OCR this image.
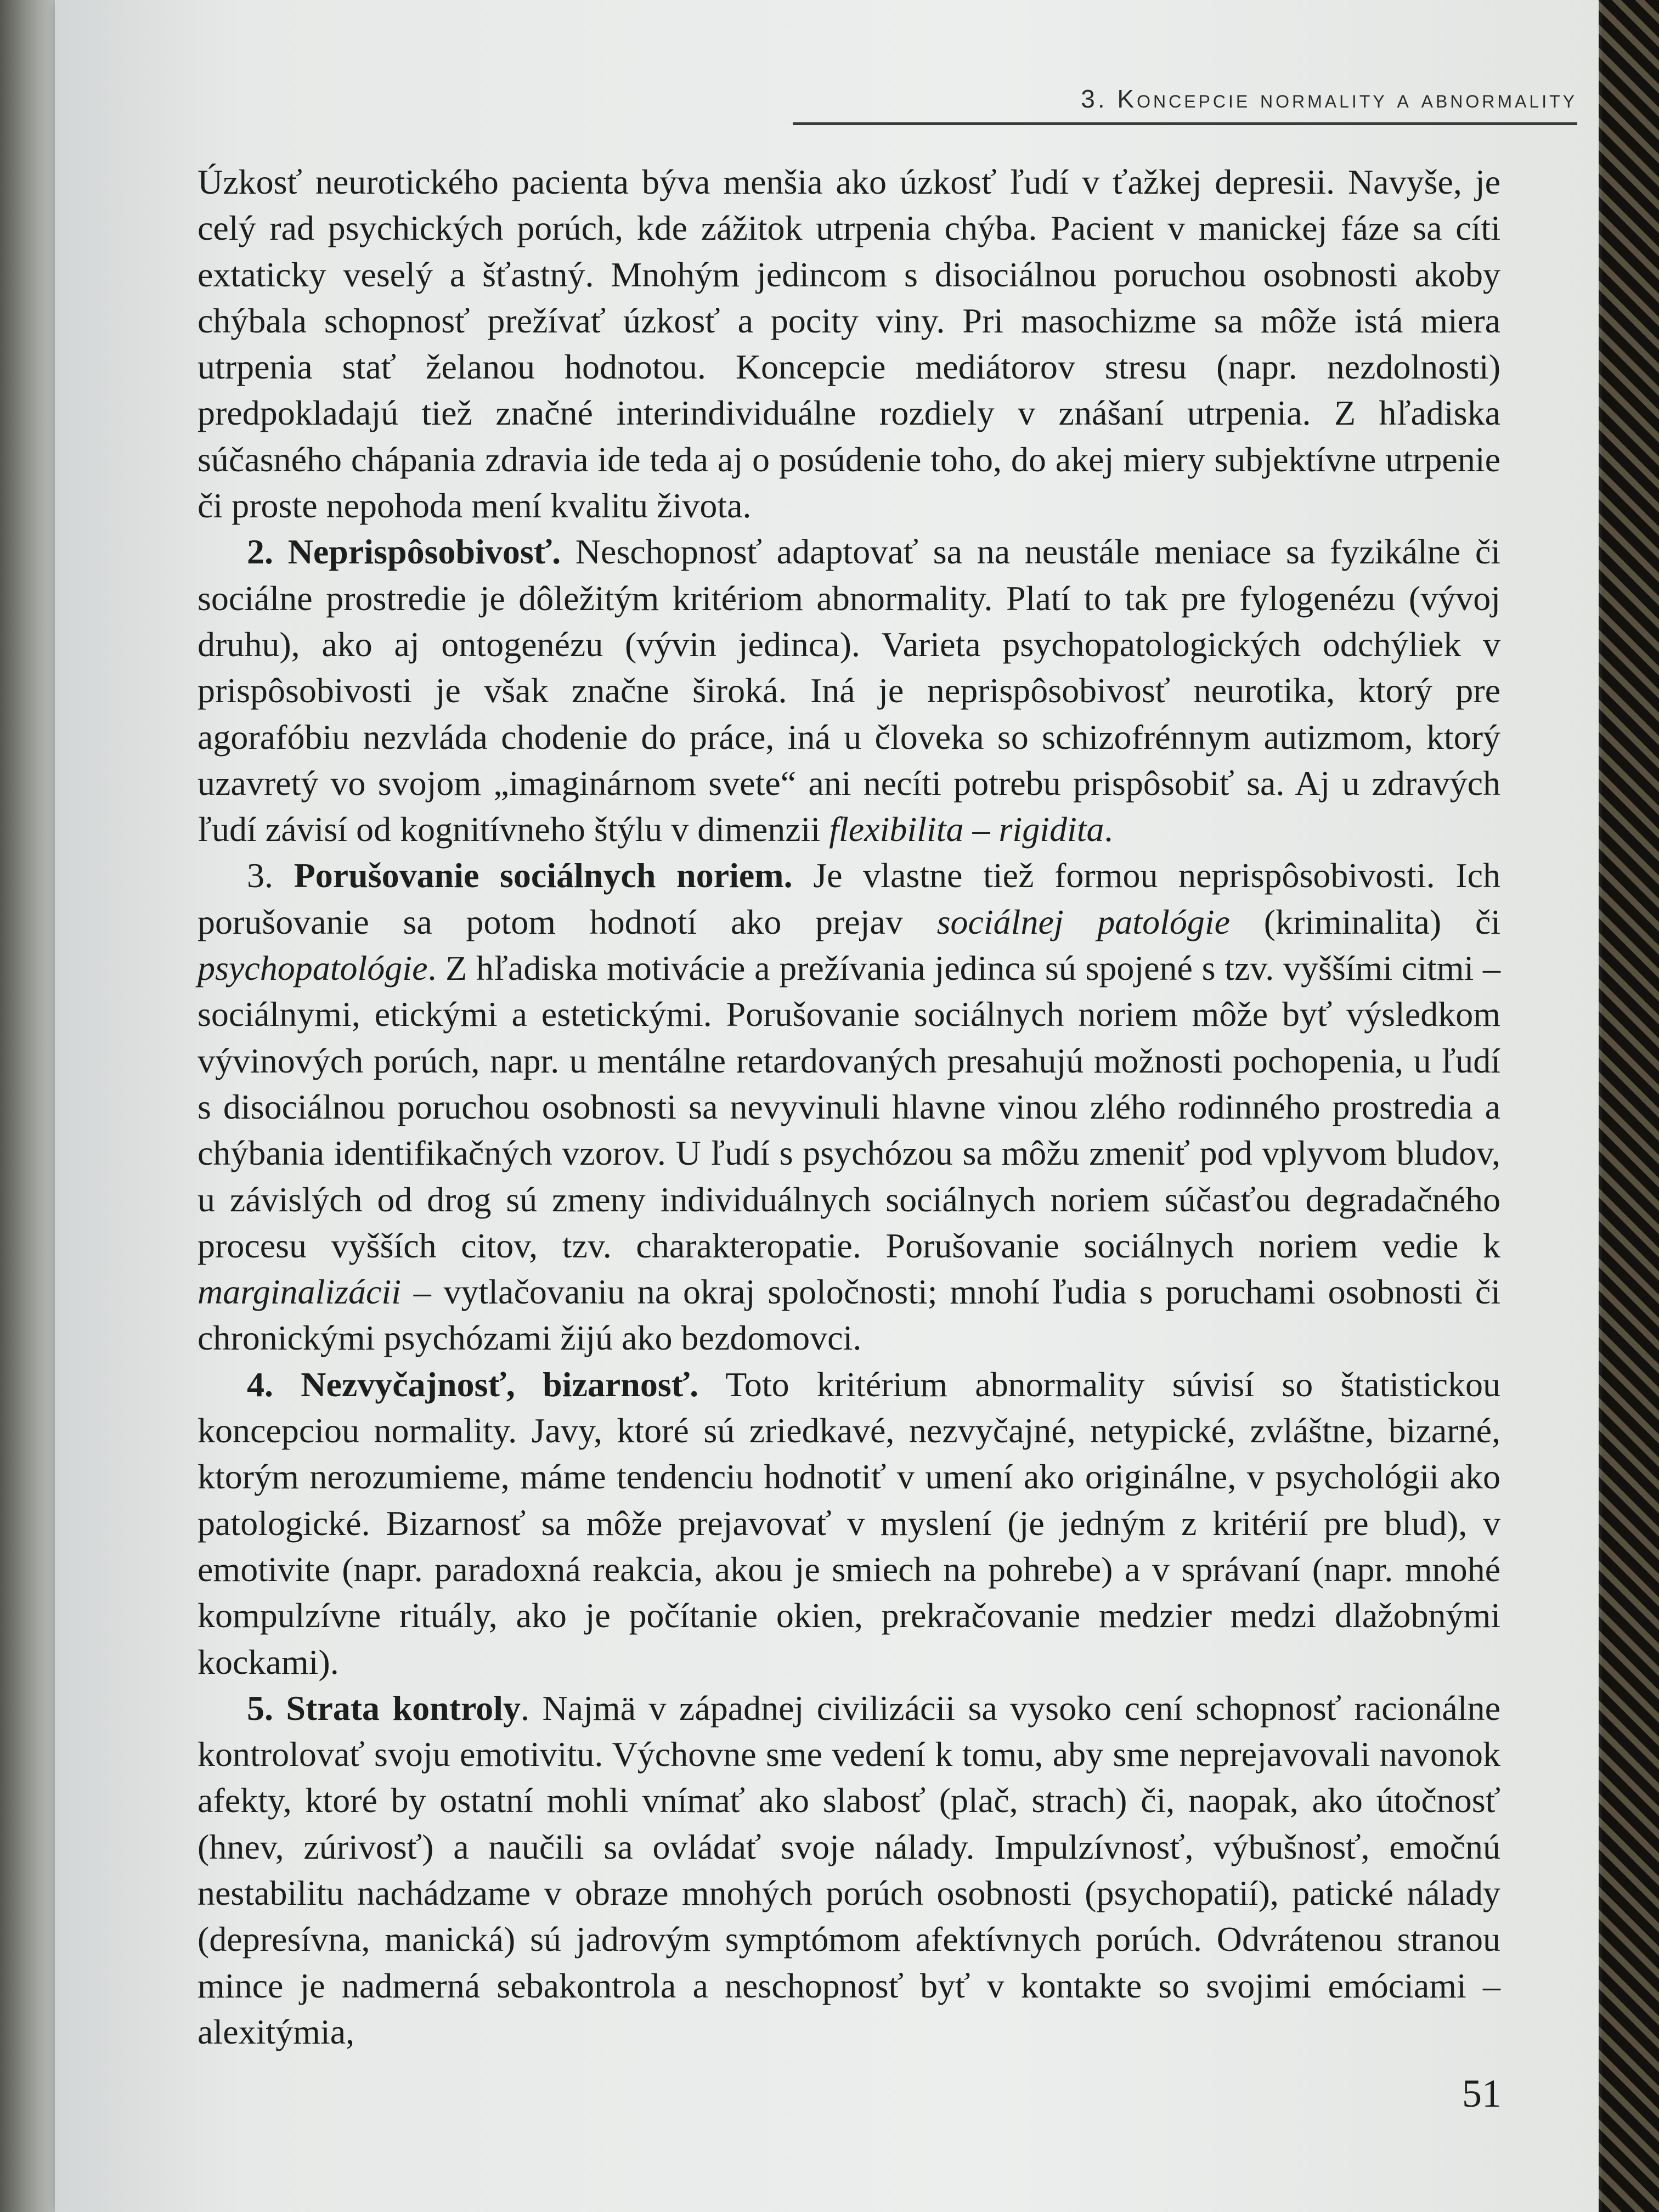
3. Koncepcie normality a abnormality

Úzkosť neurotického pacienta býva menšia ako úzkosť ľudí v ťažkej depresii. Navyše, je celý rad psychických porúch, kde zážitok utrpenia chýba. Pacient v manickej fáze sa cíti extaticky veselý a šťastný. Mnohým jedincom s disociálnou poruchou osobnosti akoby chýbala schopnosť prežívať úzkosť a pocity viny. Pri masochizme sa môže istá miera utrpenia stať želanou hodnotou. Koncepcie mediátorov stresu (napr. nezdolnosti) predpokladajú tiež značné interindividuálne rozdiely v znášaní utrpenia. Z hľadiska súčasného chápania zdravia ide teda aj o posúdenie toho, do akej miery subjektívne utrpenie či proste nepohoda mení kvalitu života.

2. Neprispôsobivosť. Neschopnosť adaptovať sa na neustále meniace sa fyzikálne či sociálne prostredie je dôležitým kritériom abnormality. Platí to tak pre fylogenézu (vývoj druhu), ako aj ontogenézu (vývin jedinca). Varieta psychopatologických odchýliek v prispôsobivosti je však značne široká. Iná je neprispôsobivosť neurotika, ktorý pre agorafóbiu nezvláda chodenie do práce, iná u človeka so schizofrénnym autizmom, ktorý uzavretý vo svojom „imaginárnom svete“ ani necíti potrebu prispôsobiť sa. Aj u zdravých ľudí závisí od kognitívneho štýlu v dimenzii flexibilita – rigidita.

3. Porušovanie sociálnych noriem. Je vlastne tiež formou neprispôsobivosti. Ich porušovanie sa potom hodnotí ako prejav sociálnej patológie (kriminalita) či psychopatológie. Z hľadiska motivácie a prežívania jedinca sú spojené s tzv. vyššími citmi – sociálnymi, etickými a estetickými. Porušovanie sociálnych noriem môže byť výsledkom vývinových porúch, napr. u mentálne retardovaných presahujú možnosti pochopenia, u ľudí s disociálnou poruchou osobnosti sa nevyvinuli hlavne vinou zlého rodinného prostredia a chýbania identifikačných vzorov. U ľudí s psychózou sa môžu zmeniť pod vplyvom bludov, u závislých od drog sú zmeny individuálnych sociálnych noriem súčasťou degradačného procesu vyšších citov, tzv. charakteropatie. Porušovanie sociálnych noriem vedie k marginalizácii – vytlačovaniu na okraj spoločnosti; mnohí ľudia s poruchami osobnosti či chronickými psychózami žijú ako bezdomovci.

4. Nezvyčajnosť, bizarnosť. Toto kritérium abnormality súvisí so štatistickou koncepciou normality. Javy, ktoré sú zriedkavé, nezvyčajné, netypické, zvláštne, bizarné, ktorým nerozumieme, máme tendenciu hodnotiť v umení ako originálne, v psychológii ako patologické. Bizarnosť sa môže prejavovať v myslení (je jedným z kritérií pre blud), v emotivite (napr. paradoxná reakcia, akou je smiech na pohrebe) a v správaní (napr. mnohé kompulzívne rituály, ako je počítanie okien, prekračovanie medzier medzi dlažobnými kockami).

5. Strata kontroly. Najmä v západnej civilizácii sa vysoko cení schopnosť racionálne kontrolovať svoju emotivitu. Výchovne sme vedení k tomu, aby sme neprejavovali navonok afekty, ktoré by ostatní mohli vnímať ako slabosť (plač, strach) či, naopak, ako útočnosť (hnev, zúrivosť) a naučili sa ovládať svoje nálady. Impulzívnosť, výbušnosť, emočnú nestabilitu nachádzame v obraze mnohých porúch osobnosti (psychopatií), patické nálady (depresívna, manická) sú jadrovým symptómom afektívnych porúch. Odvrátenou stranou mince je nadmerná sebakontrola a neschopnosť byť v kontakte so svojimi emóciami – alexitýmia,

51
